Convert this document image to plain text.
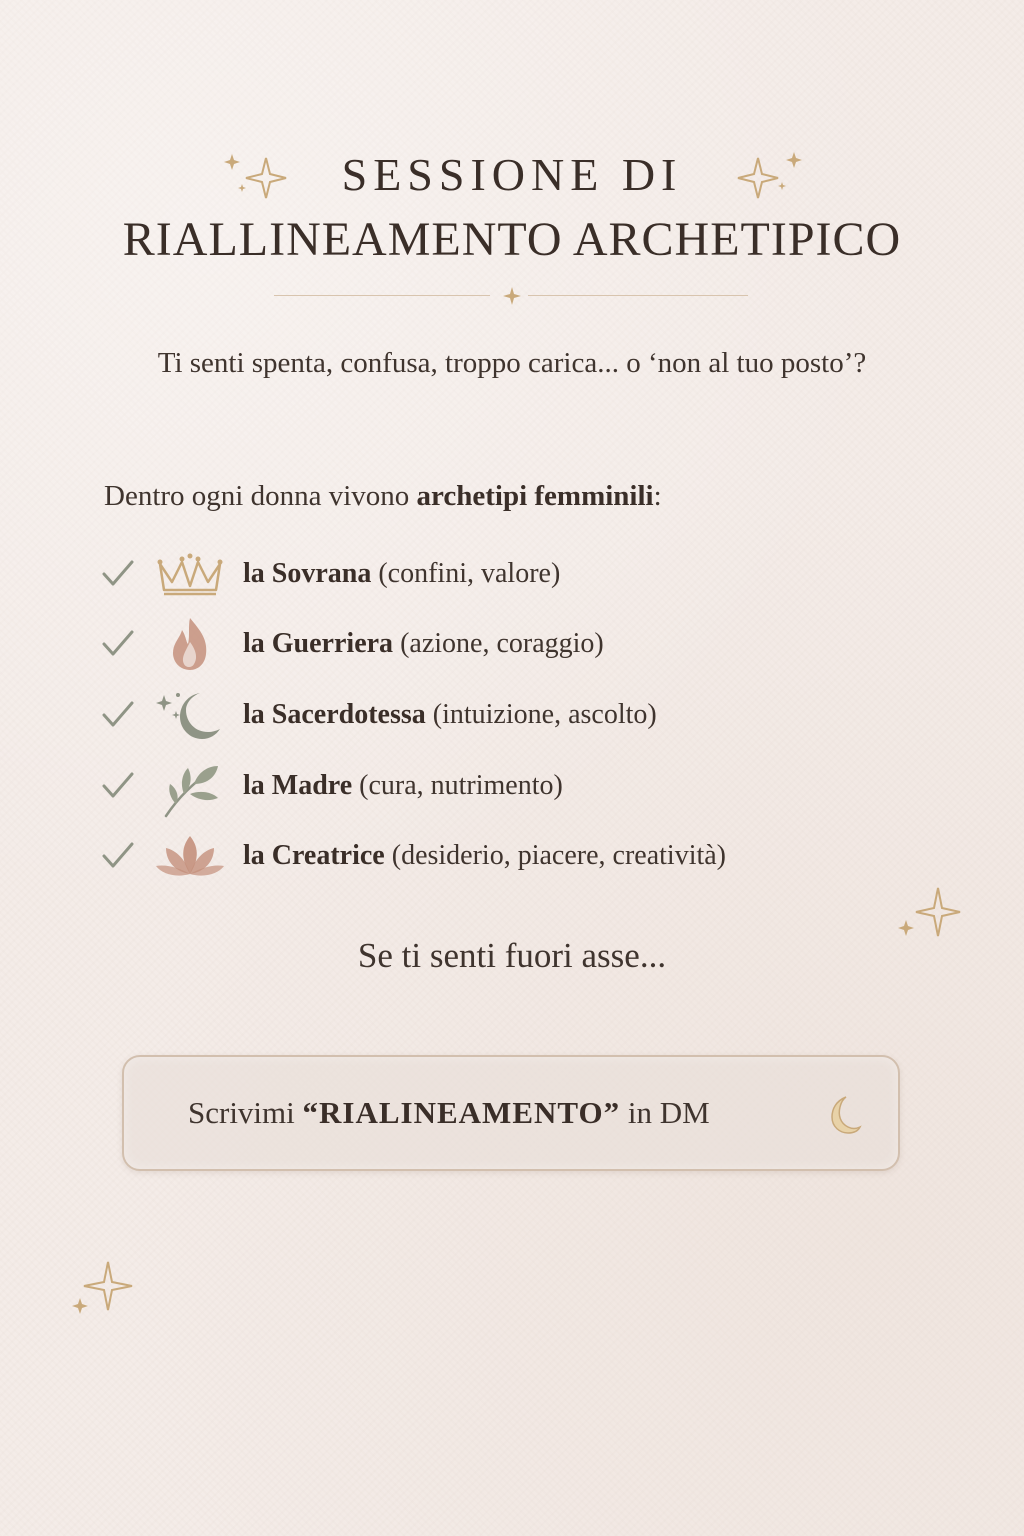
SESSIONE DI
RIALLINEAMENTO ARCHETIPICO
Ti senti spenta, confusa, troppo carica... o ‘non al tuo posto’?
Dentro ogni donna vivono archetipi femminili:
la Sovrana (confini, valore)
la Guerriera (azione, coraggio)
la Sacerdotessa (intuizione, ascolto)
la Madre (cura, nutrimento)
la Creatrice (desiderio, piacere, creatività)
Se ti senti fuori asse...
Scrivimi “RIALINEAMENTO” in DM
